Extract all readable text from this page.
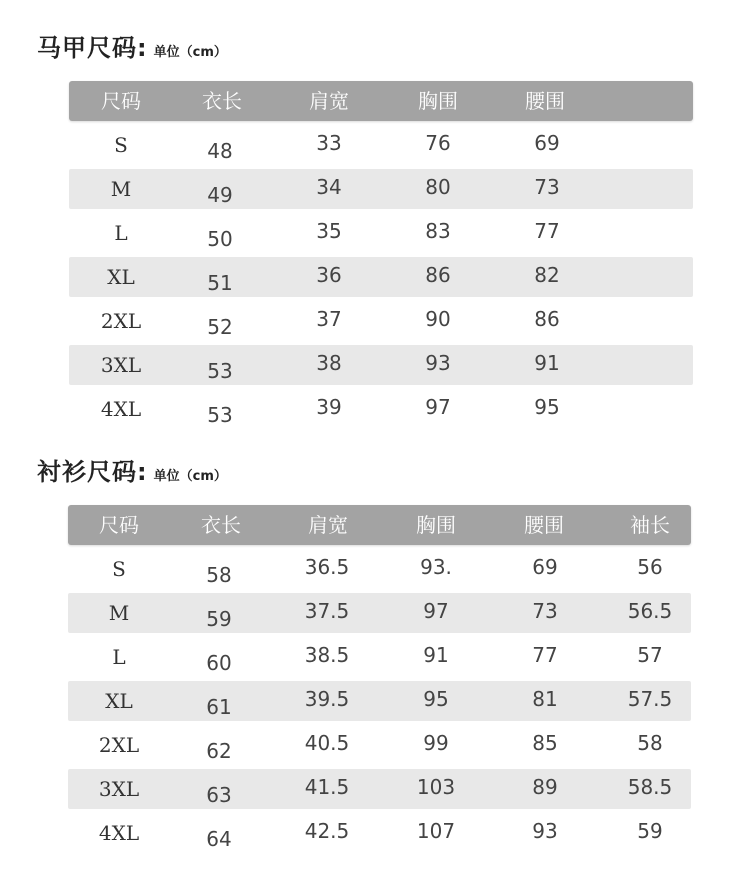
马甲尺码: 单位（cm）
尺码	衣长	肩宽	胸围	腰围
S	48	33	76	69
M	49	34	80	73
L	50	35	83	77
XL	51	36	86	82
2XL	52	37	90	86
3XL	53	38	93	91
4XL	53	39	97	95
衬衫尺码: 单位（cm）
尺码	衣长	肩宽	胸围	腰围	袖长
S	58	36.5	93.	69	56
M	59	37.5	97	73	56.5
L	60	38.5	91	77	57
XL	61	39.5	95	81	57.5
2XL	62	40.5	99	85	58
3XL	63	41.5	103	89	58.5
4XL	64	42.5	107	93	59
